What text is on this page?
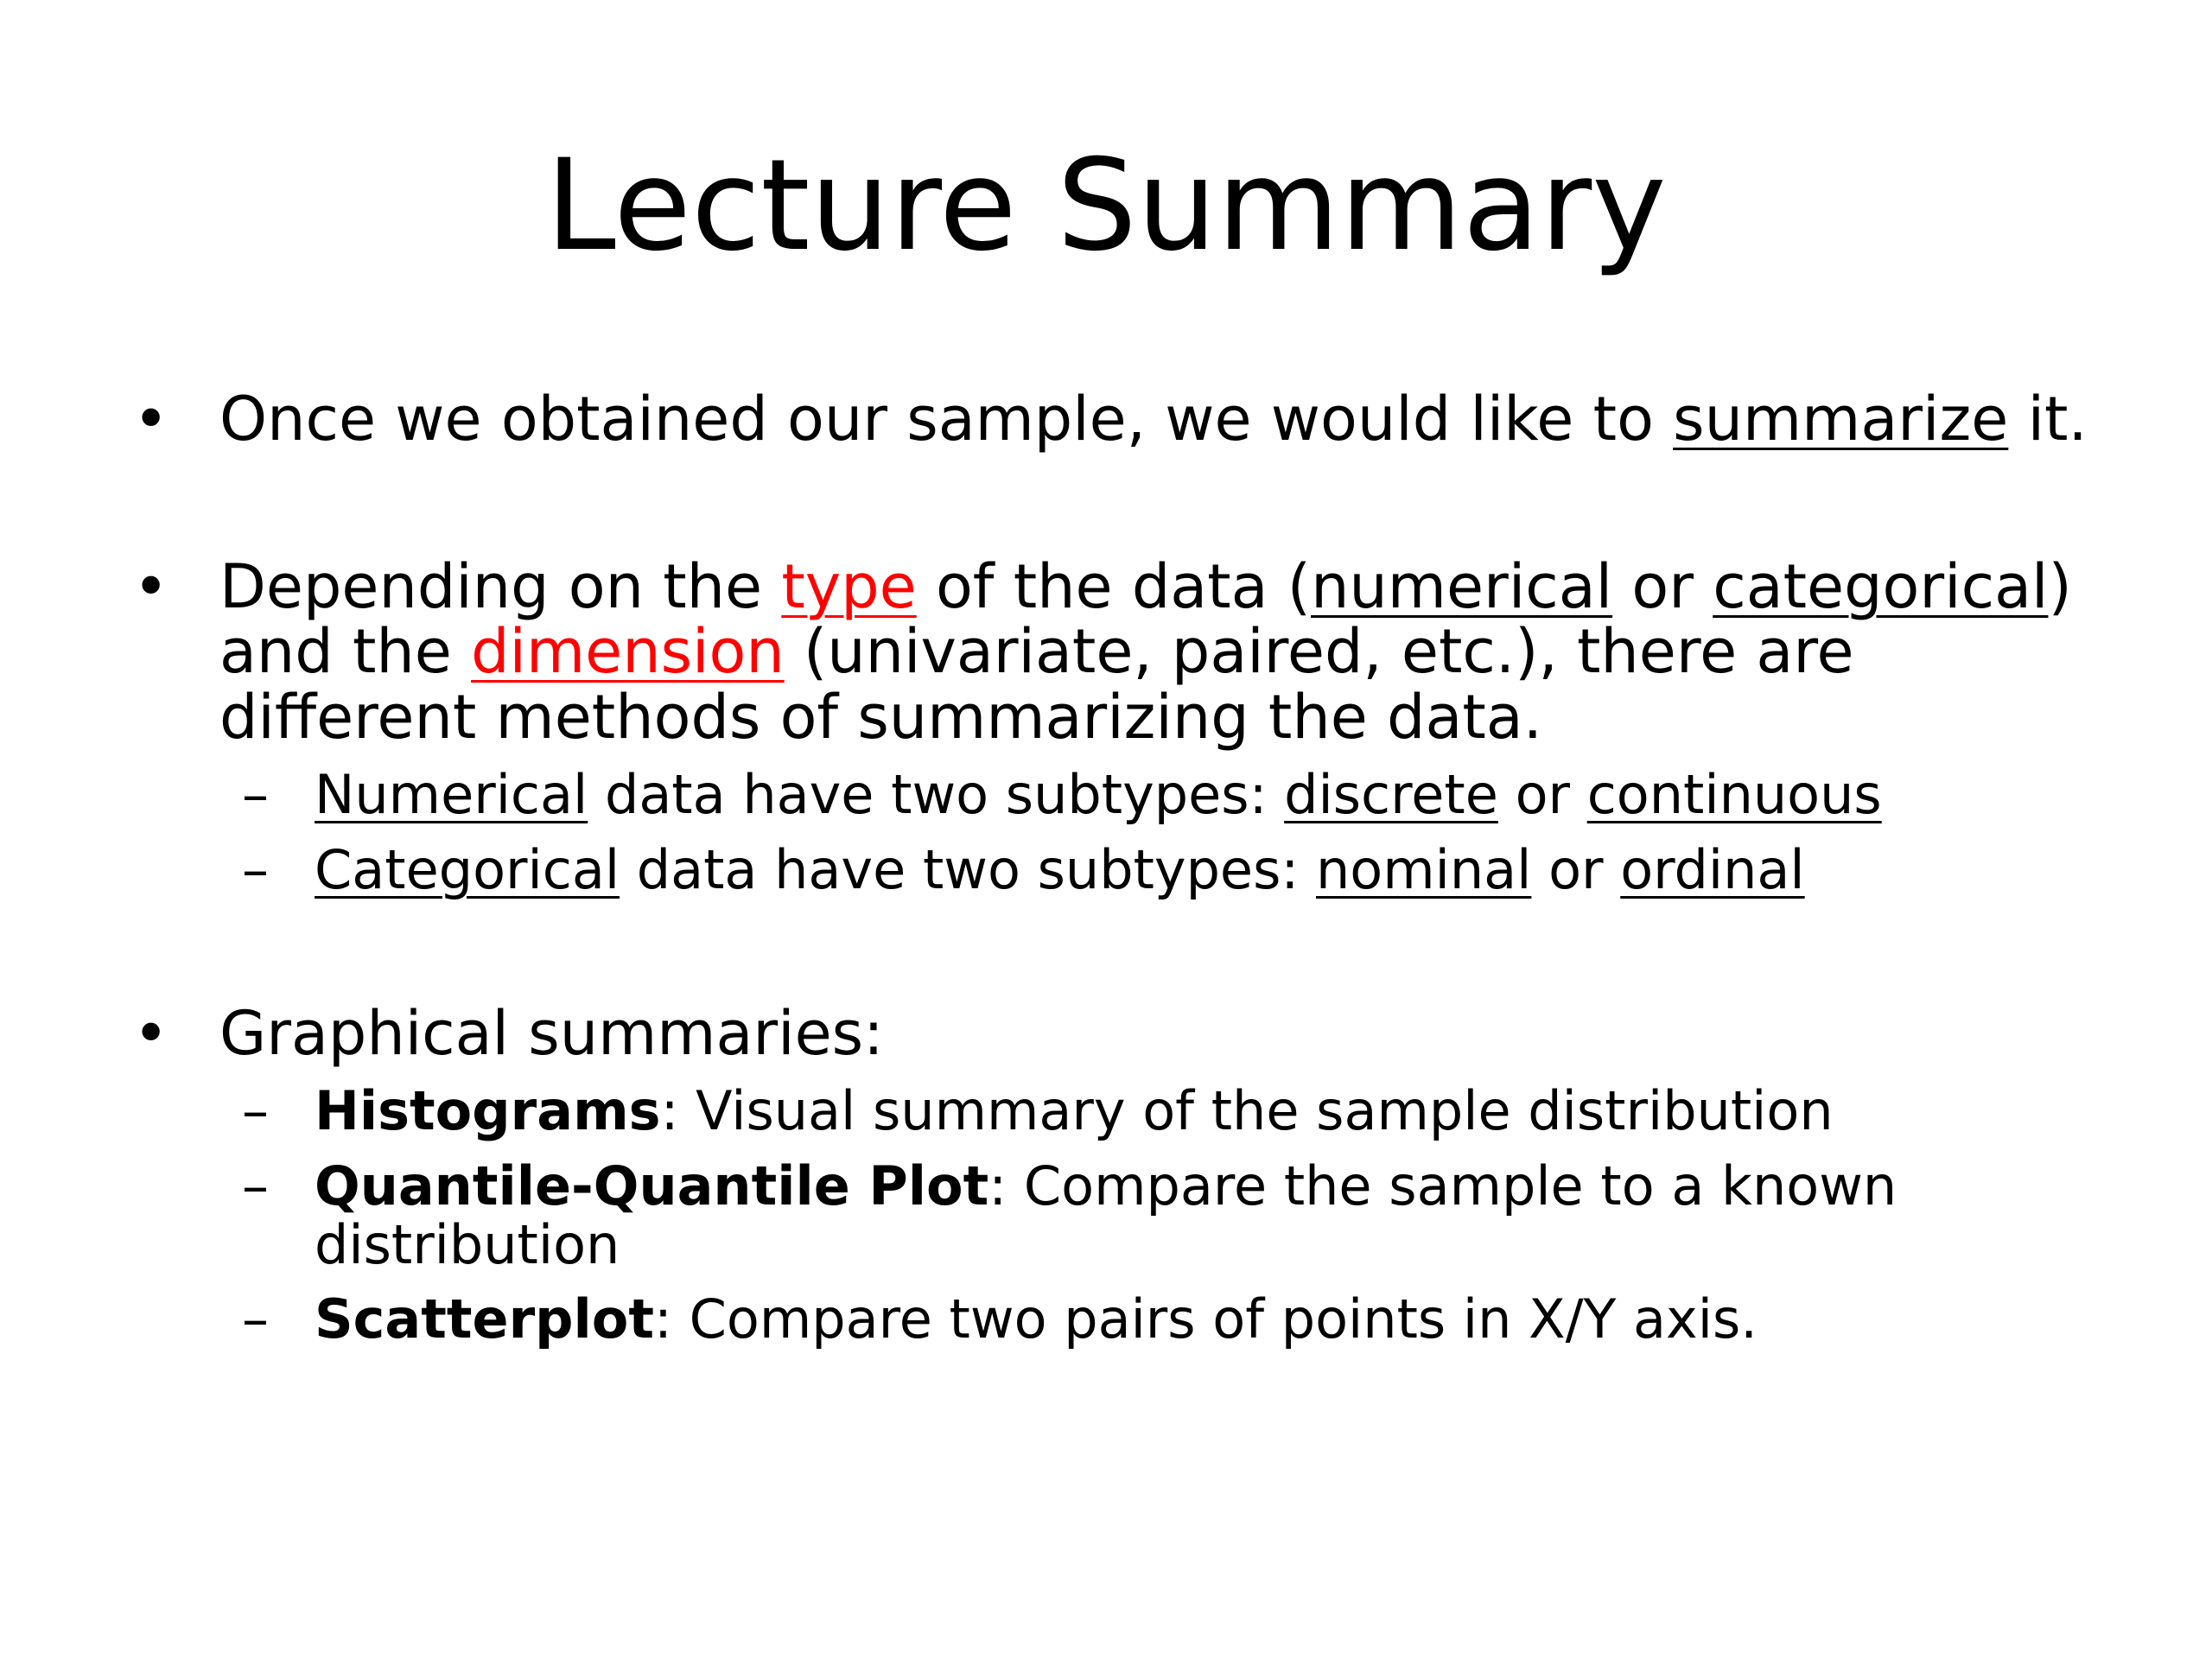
Lecture Summary

• Once we obtained our sample, we would like to summarize it.

• Depending on the type of the data (numerical or categorical) and the dimension (univariate, paired, etc.), there are different methods of summarizing the data.

– Numerical data have two subtypes: discrete or continuous

– Categorical data have two subtypes: nominal or ordinal

• Graphical summaries:

– Histograms: Visual summary of the sample distribution

– Quantile-Quantile Plot: Compare the sample to a known distribution

– Scatterplot: Compare two pairs of points in X/Y axis.
